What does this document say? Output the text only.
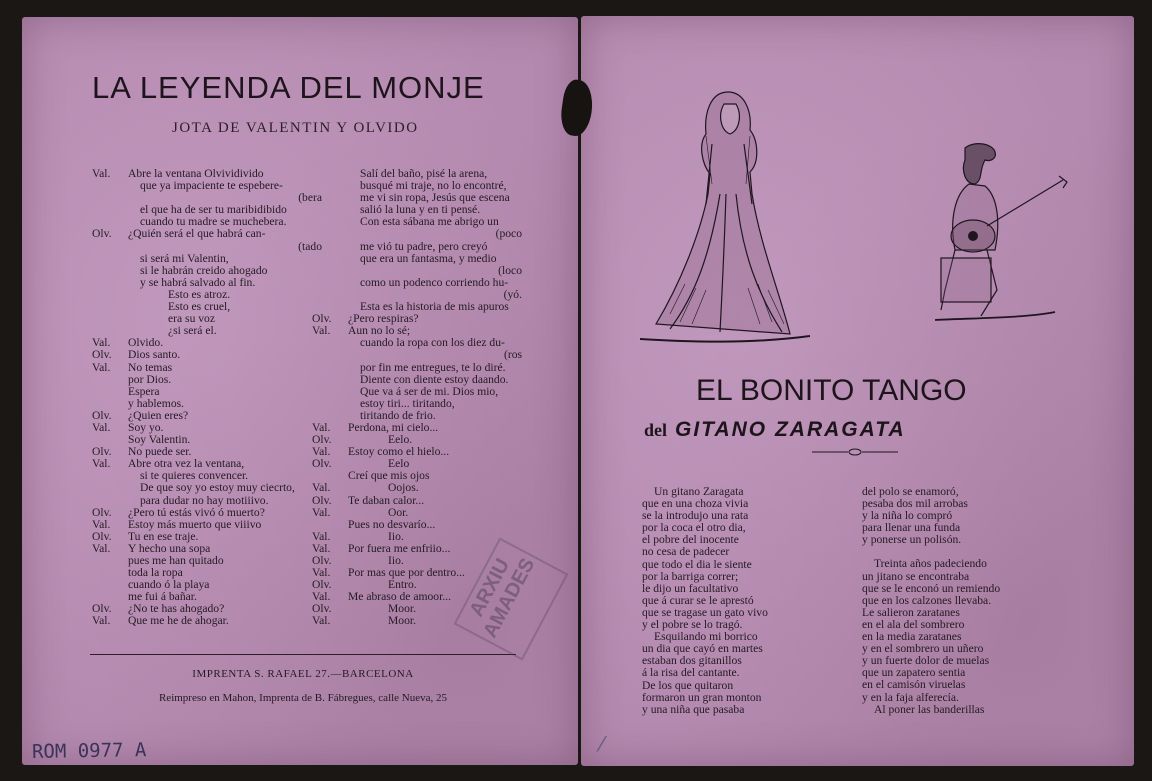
LA LEYENDA DEL MONJE
JOTA DE VALENTIN Y OLVIDO
Val.	Abre la ventana Olvividivido
que ya impaciente te espebere-
(bera
el que ha de ser tu maribidibido
cuando tu madre se muchebera.
Olv.	¿Quién será el que habrá can-
(tado
si será mi Valentin,
si le habrán creido ahogado
y se habrá salvado al fin.
Esto es atroz.
Esto es cruel,
era su voz
¿si será el.
Val.	Olvido.
Olv.	Dios santo.
Val.	No temas
por Dios.
Espera
y hablemos.
Olv.	¿Quien eres?
Val.	Soy yo.
Soy Valentin.
Olv.	No puede ser.
Val.	Abre otra vez la ventana,
si te quieres convencer.
De que soy yo estoy muy ciecrto,
para dudar no hay motiiivo.
Olv.	¿Pero tú estás vivó ó muerto?
Val.	Estoy más muerto que viiivo
Olv.	Tu en ese traje.
Val.	Y hecho una sopa
pues me han quitado
toda la ropa
cuando ó la playa
me fui á bañar.
Olv.	¿No te has ahogado?
Val.	Que me he de ahogar.
Salí del baño, pisé la arena,
busqué mi traje, no lo encontré,
me vi sin ropa, Jesús que escena
salió la luna y en ti pensé.
Con esta sábana me abrigo un
(poco
me vió tu padre, pero creyó
que era un fantasma, y medio
(loco
como un podenco corriendo hu-
(yó.
Esta es la historia de mis apuros
Olv.	¿Pero respiras?
Val.	Aun no lo sé;
cuando la ropa con los diez du-
(ros
por fin me entregues, te lo diré.
Diente con diente estoy daando.
Que va á ser de mi. Dios mio,
estoy tiri... tiritando,
tiritando de frio.
Val.	Perdona, mi cielo...
Olv.	Eelo.
Val.	Estoy como el hielo...
Olv.	Eelo
Creí que mis ojos
Val.	Oojos.
Olv.	Te daban calor...
Val.	Oor.
Pues no desvarío...
Val.	Iio.
Val.	Por fuera me enfriio...
Olv.	Iio.
Val.	Por mas que por dentro...
Olv.	Entro.
Val.	Me abraso de amoor...
Olv.	Moor.
Val.	Moor.
IMPRENTA S. RAFAEL 27.—BARCELONA
Reimpreso en Mahon, Imprenta de B. Fábregues, calle Nueva, 25
ARXIU AMADES
ROM 0977 A	⁄
EL BONITO TANGO
del GITANO ZARAGATA
Un gitano Zaragata
que en una choza vivia
se la introdujo una rata
por la coca el otro dia,
el pobre del inocente
no cesa de padecer
que todo el dia le siente
por la barriga correr;
le dijo un facultativo
que á curar se le aprestó
que se tragase un gato vivo
y el pobre se lo tragó.
Esquilando mi borrico
un dia que cayó en martes
estaban dos gitanillos
á la risa del cantante.
De los que quitaron
formaron un gran monton
y una niña que pasaba
del polo se enamoró,
pesaba dos mil arrobas
y la niña lo compró
para llenar una funda
y ponerse un polisón.
Treinta años padeciendo
un jitano se encontraba
que se le enconó un remiendo
que en los calzones llevaba.
Le salieron zaratanes
en el ala del sombrero
en la media zaratanes
y en el sombrero un uñero
y un fuerte dolor de muelas
que un zapatero sentia
en el camisón viruelas
y en la faja alferecía.
Al poner las banderillas
